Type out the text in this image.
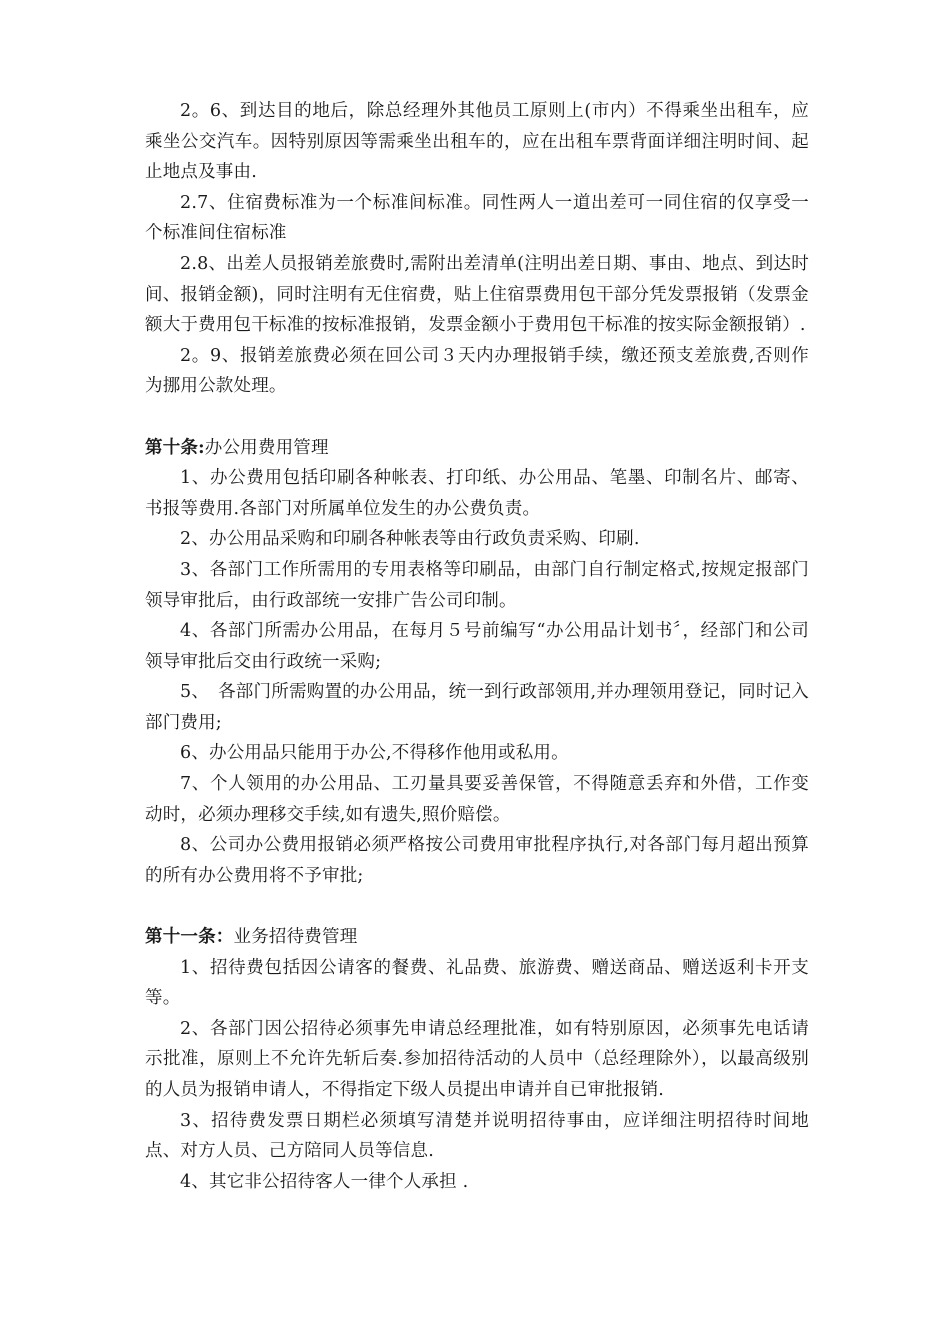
2。6、到达目的地后，除总经理外其他员工原则上(市内）不得乘坐出租车，应乘坐公交汽车。因特别原因等需乘坐出租车的，应在出租车票背面详细注明时间、起止地点及事由.

2.7、住宿费标准为一个标准间标准。同性两人一道出差可一同住宿的仅享受一个标准间住宿标准

2.8、出差人员报销差旅费时,需附出差清单(注明出差日期、事由、地点、到达时间、报销金额)，同时注明有无住宿费，贴上住宿票费用包干部分凭发票报销（发票金额大于费用包干标准的按标准报销，发票金额小于费用包干标准的按实际金额报销）.

2。9、报销差旅费必须在回公司３天内办理报销手续，缴还预支差旅费,否则作为挪用公款处理。

第十条:办公用费用管理

1、办公费用包括印刷各种帐表、打印纸、办公用品、笔墨、印制名片、邮寄、书报等费用.各部门对所属单位发生的办公费负责。

2、办公用品采购和印刷各种帐表等由行政负责采购、印刷.

3、各部门工作所需用的专用表格等印刷品，由部门自行制定格式,按规定报部门领导审批后，由行政部统一安排广告公司印制。

4、各部门所需办公用品，在每月５号前编写“办公用品计划书〞，经部门和公司领导审批后交由行政统一采购;

5、　各部门所需购置的办公用品，统一到行政部领用,并办理领用登记，同时记入部门费用;

6、办公用品只能用于办公,不得移作他用或私用。

7、个人领用的办公用品、工刃量具要妥善保管，不得随意丢弃和外借，工作变动时，必须办理移交手续,如有遗失,照价赔偿。

8、公司办公费用报销必须严格按公司费用审批程序执行,对各部门每月超出预算的所有办公费用将不予审批;

第十一条：业务招待费管理

1、招待费包括因公请客的餐费、礼品费、旅游费、赠送商品、赠送返利卡开支等。

2、各部门因公招待必须事先申请总经理批准，如有特别原因，必须事先电话请示批准，原则上不允许先斩后奏.参加招待活动的人员中（总经理除外），以最高级别的人员为报销申请人，不得指定下级人员提出申请并自已审批报销.

3、招待费发票日期栏必须填写清楚并说明招待事由，应详细注明招待时间地点、对方人员、己方陪同人员等信息.

4、其它非公招待客人一律个人承担 .
